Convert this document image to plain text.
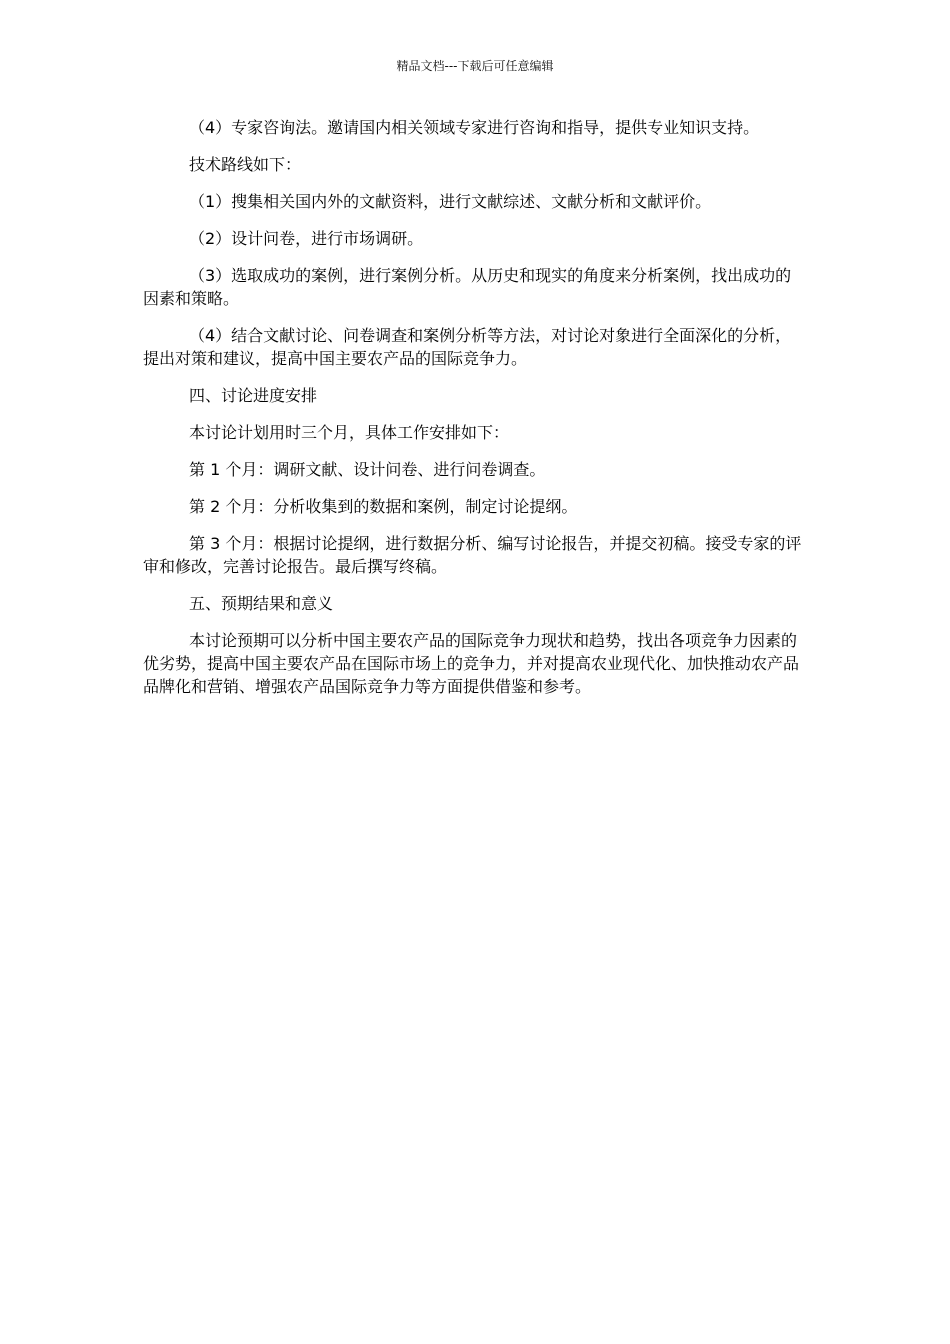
精品文档---下载后可任意编辑

（4）专家咨询法。邀请国内相关领域专家进行咨询和指导，提供专业知识支持。

技术路线如下：

（1）搜集相关国内外的文献资料，进行文献综述、文献分析和文献评价。

（2）设计问卷，进行市场调研。

（3）选取成功的案例，进行案例分析。从历史和现实的角度来分析案例，找出成功的因素和策略。

（4）结合文献讨论、问卷调查和案例分析等方法，对讨论对象进行全面深化的分析，提出对策和建议，提高中国主要农产品的国际竞争力。

四、讨论进度安排

本讨论计划用时三个月，具体工作安排如下：

第 1 个月：调研文献、设计问卷、进行问卷调查。

第 2 个月：分析收集到的数据和案例，制定讨论提纲。

第 3 个月：根据讨论提纲，进行数据分析、编写讨论报告，并提交初稿。接受专家的评审和修改，完善讨论报告。最后撰写终稿。

五、预期结果和意义

本讨论预期可以分析中国主要农产品的国际竞争力现状和趋势，找出各项竞争力因素的优劣势，提高中国主要农产品在国际市场上的竞争力，并对提高农业现代化、加快推动农产品品牌化和营销、增强农产品国际竞争力等方面提供借鉴和参考。
